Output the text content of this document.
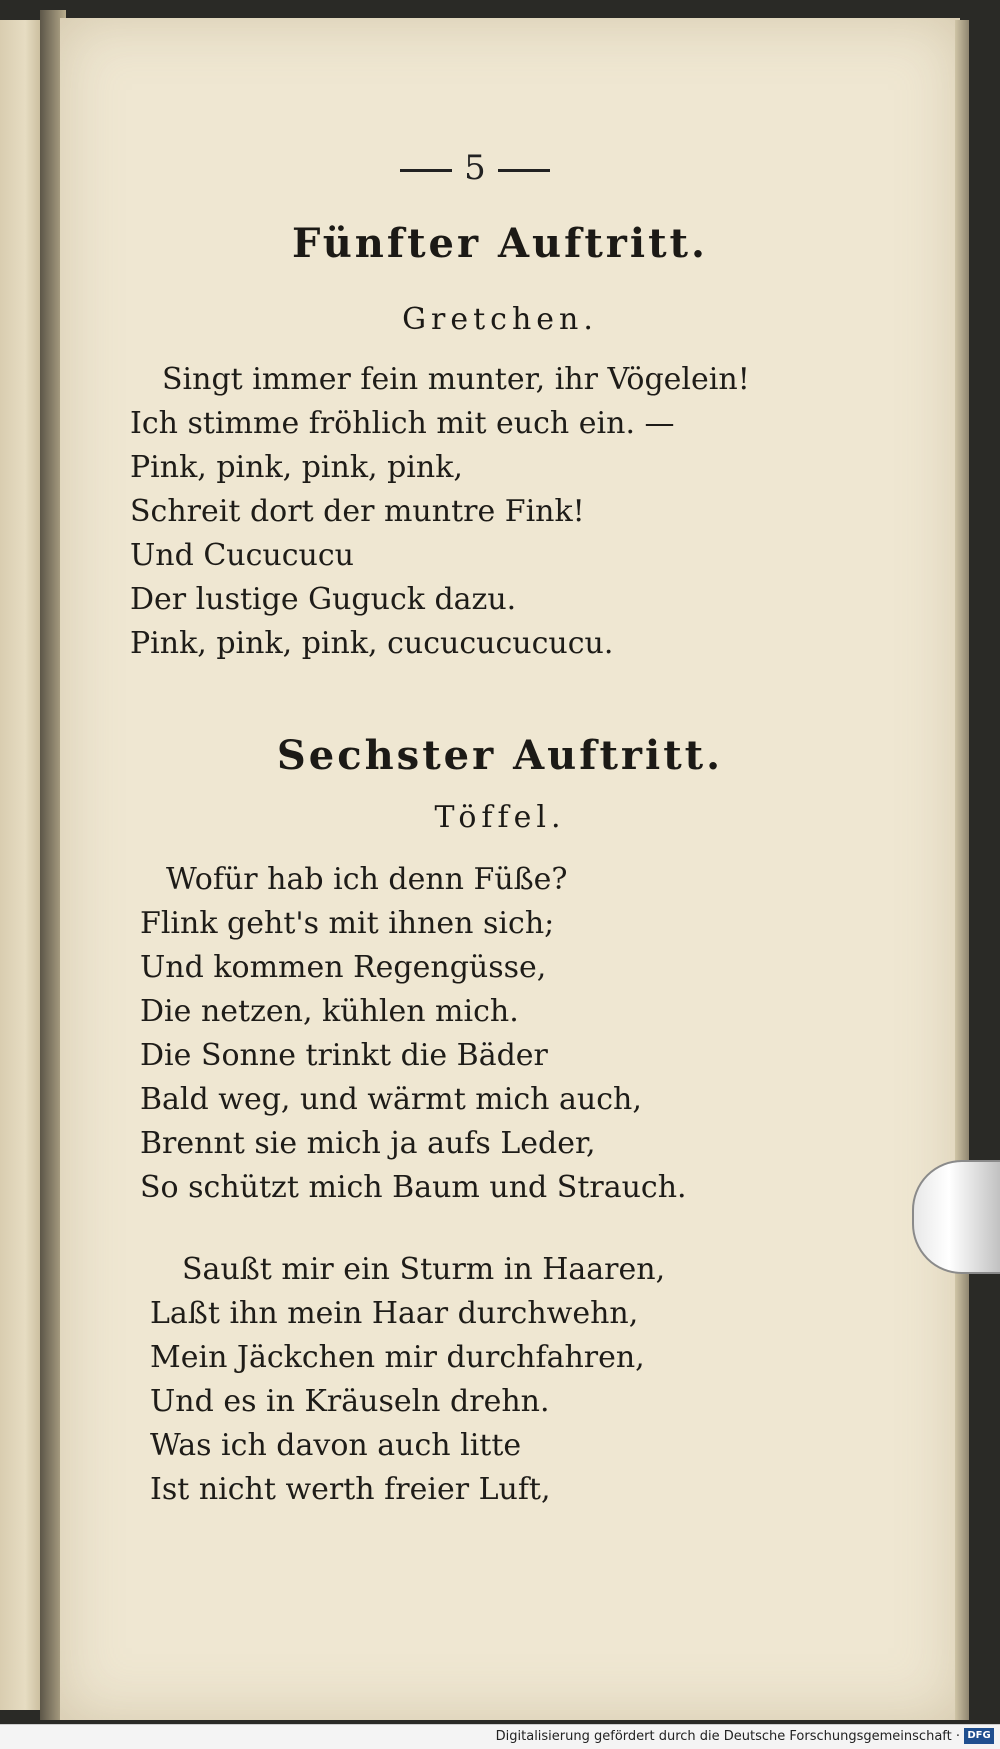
5
Fünfter Auftritt.
Gretchen.
Singt immer fein munter, ihr Vögelein!
Ich stimme fröhlich mit euch ein. —
Pink, pink, pink, pink,
Schreit dort der muntre Fink!
Und Cucucucu
Der lustige Guguck dazu.
Pink, pink, pink, cucucucucucu.
Sechster Auftritt.
Töffel.
Wofür hab ich denn Füße?
Flink geht's mit ihnen sich;
Und kommen Regengüsse,
Die netzen, kühlen mich.
Die Sonne trinkt die Bäder
Bald weg, und wärmt mich auch,
Brennt sie mich ja aufs Leder,
So schützt mich Baum und Strauch.
Saußt mir ein Sturm in Haaren,
Laßt ihn mein Haar durchwehn,
Mein Jäckchen mir durchfahren,
Und es in Kräuseln drehn.
Was ich davon auch litte
Ist nicht werth freier Luft,
Digitalisierung gefördert durch die Deutsche Forschungsgemeinschaft · DFG
